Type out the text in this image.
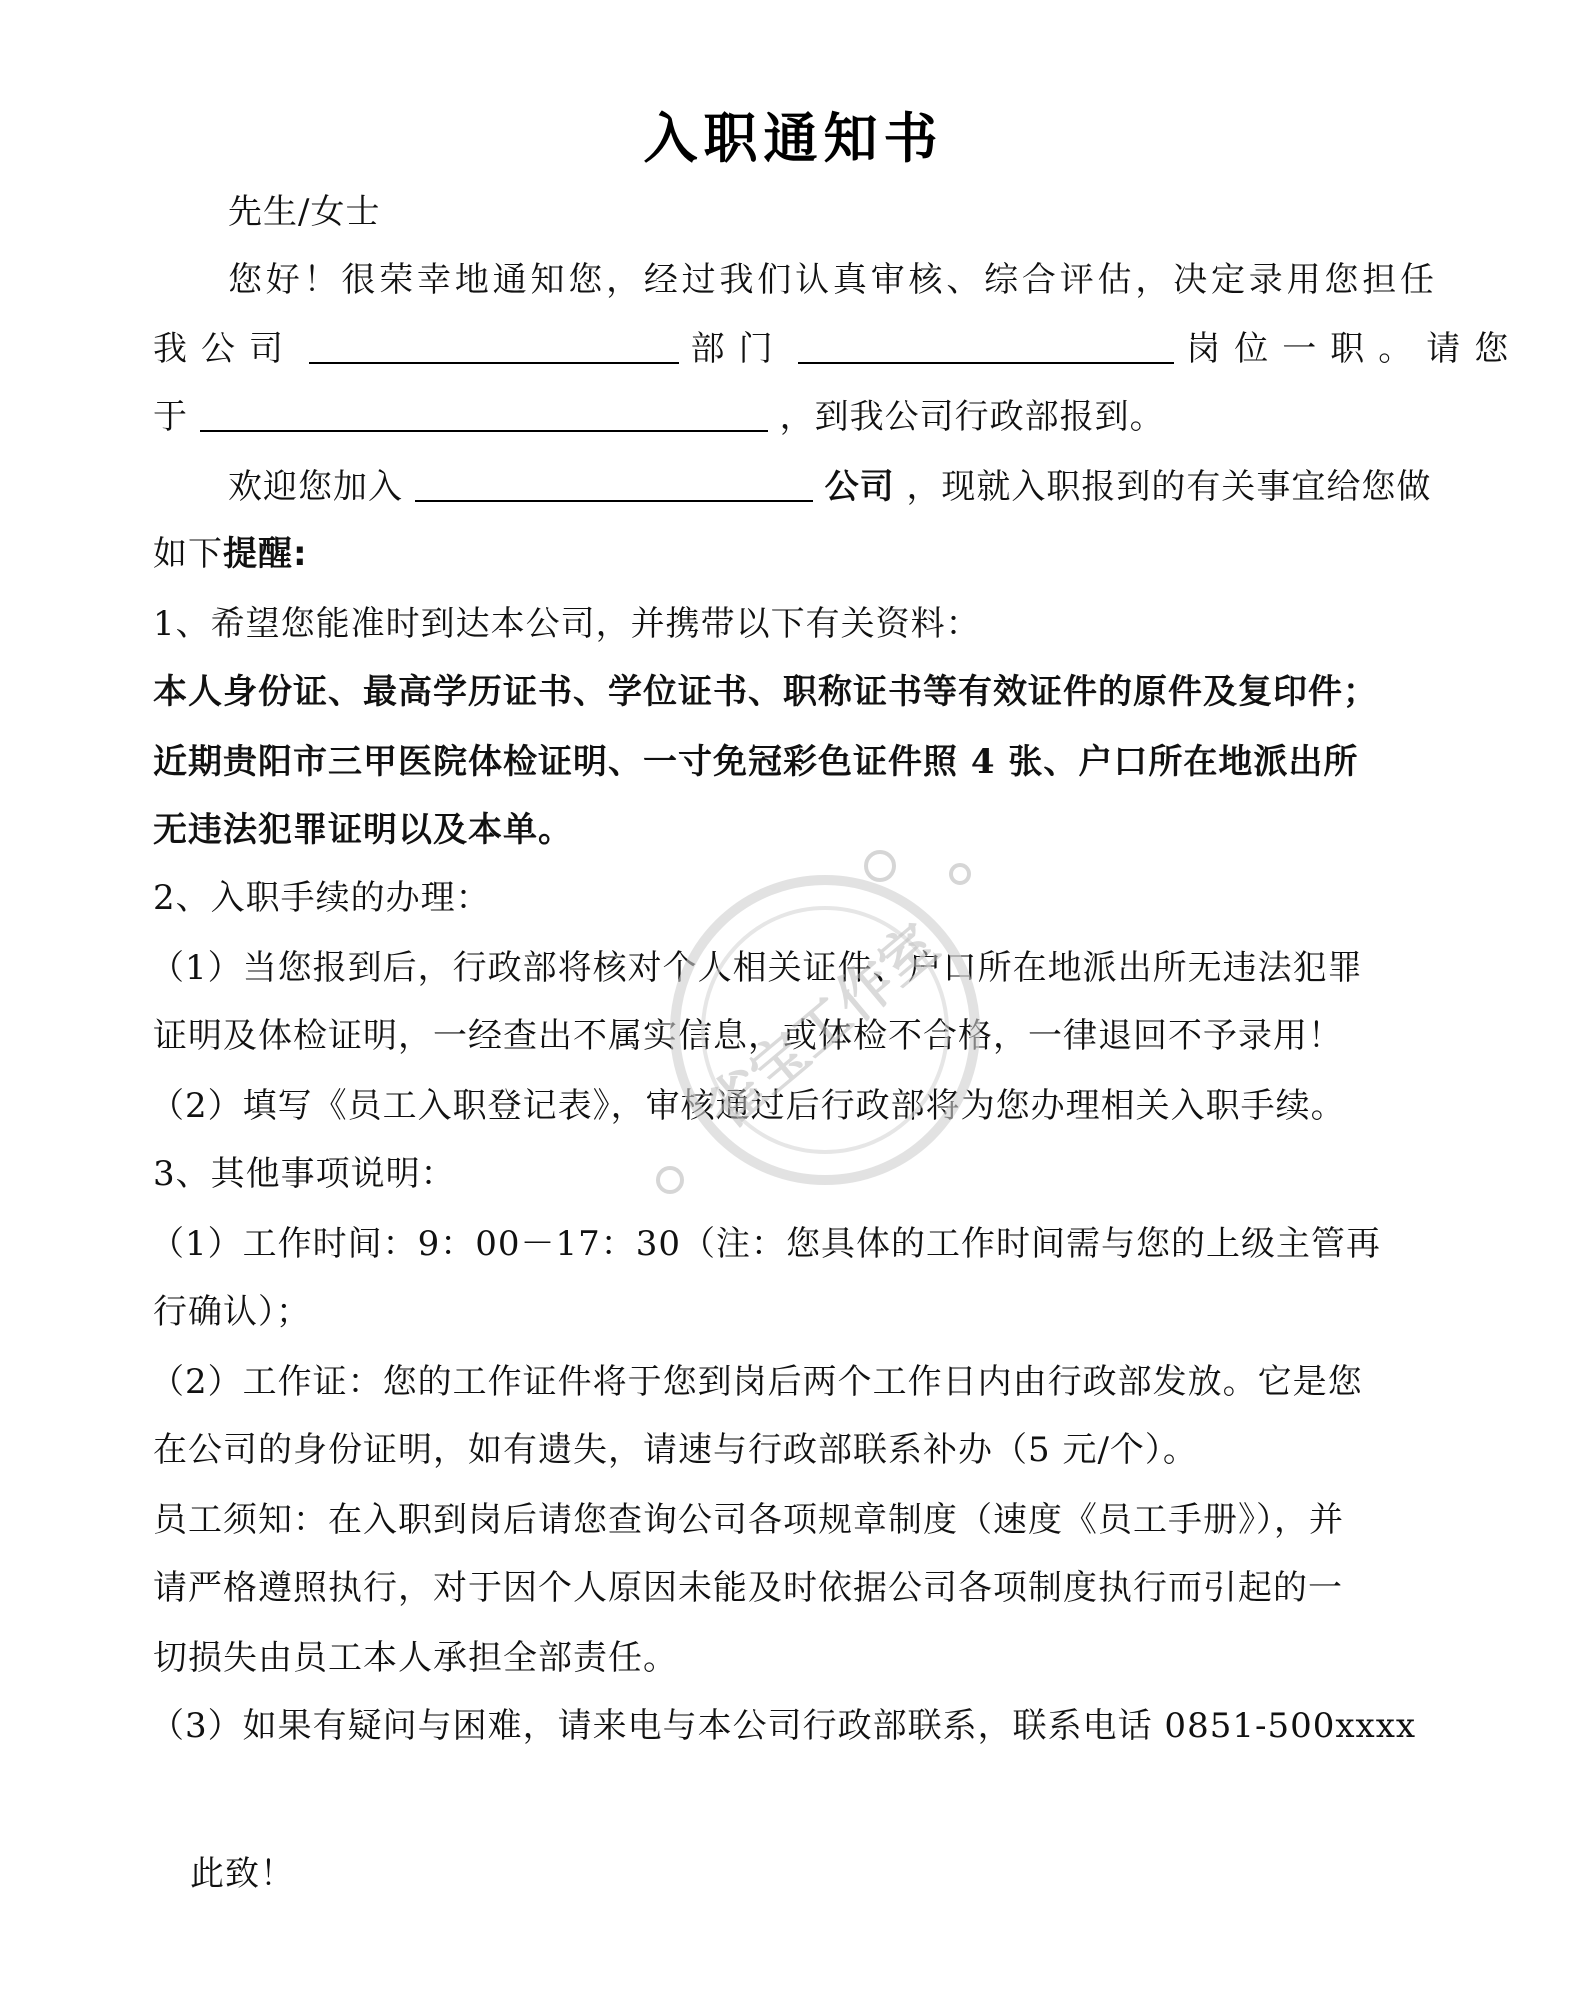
入职通知书
先生/女士
您好！很荣幸地通知您，经过我们认真审核、综合评估，决定录用您担任
我公司	部门	岗位一职。请您
于	，到我公司行政部报到。
欢迎您加入	公司 ，现就入职报到的有关事宜给您做
如下提醒:
1、希望您能准时到达本公司，并携带以下有关资料：
本人身份证、最高学历证书、学位证书、职称证书等有效证件的原件及复印件；
近期贵阳市三甲医院体检证明、一寸免冠彩色证件照 4 张、户口所在地派出所
无违法犯罪证明以及本单。
2、入职手续的办理：
（1）当您报到后，行政部将核对个人相关证件、户口所在地派出所无违法犯罪
证明及体检证明，一经查出不属实信息，或体检不合格，一律退回不予录用！
（2）填写《员工入职登记表》，审核通过后行政部将为您办理相关入职手续。
3、其他事项说明：
（1）工作时间：9：00－17：30（注：您具体的工作时间需与您的上级主管再
行确认）；
（2）工作证：您的工作证件将于您到岗后两个工作日内由行政部发放。它是您
在公司的身份证明，如有遗失，请速与行政部联系补办（5 元/个）。
员工须知：在入职到岗后请您查询公司各项规章制度（速度《员工手册》），并
请严格遵照执行，对于因个人原因未能及时依据公司各项制度执行而引起的一
切损失由员工本人承担全部责任。
（3）如果有疑问与困难，请来电与本公司行政部联系，联系电话 0851-500xxxx
此致！
雀宝工作室
